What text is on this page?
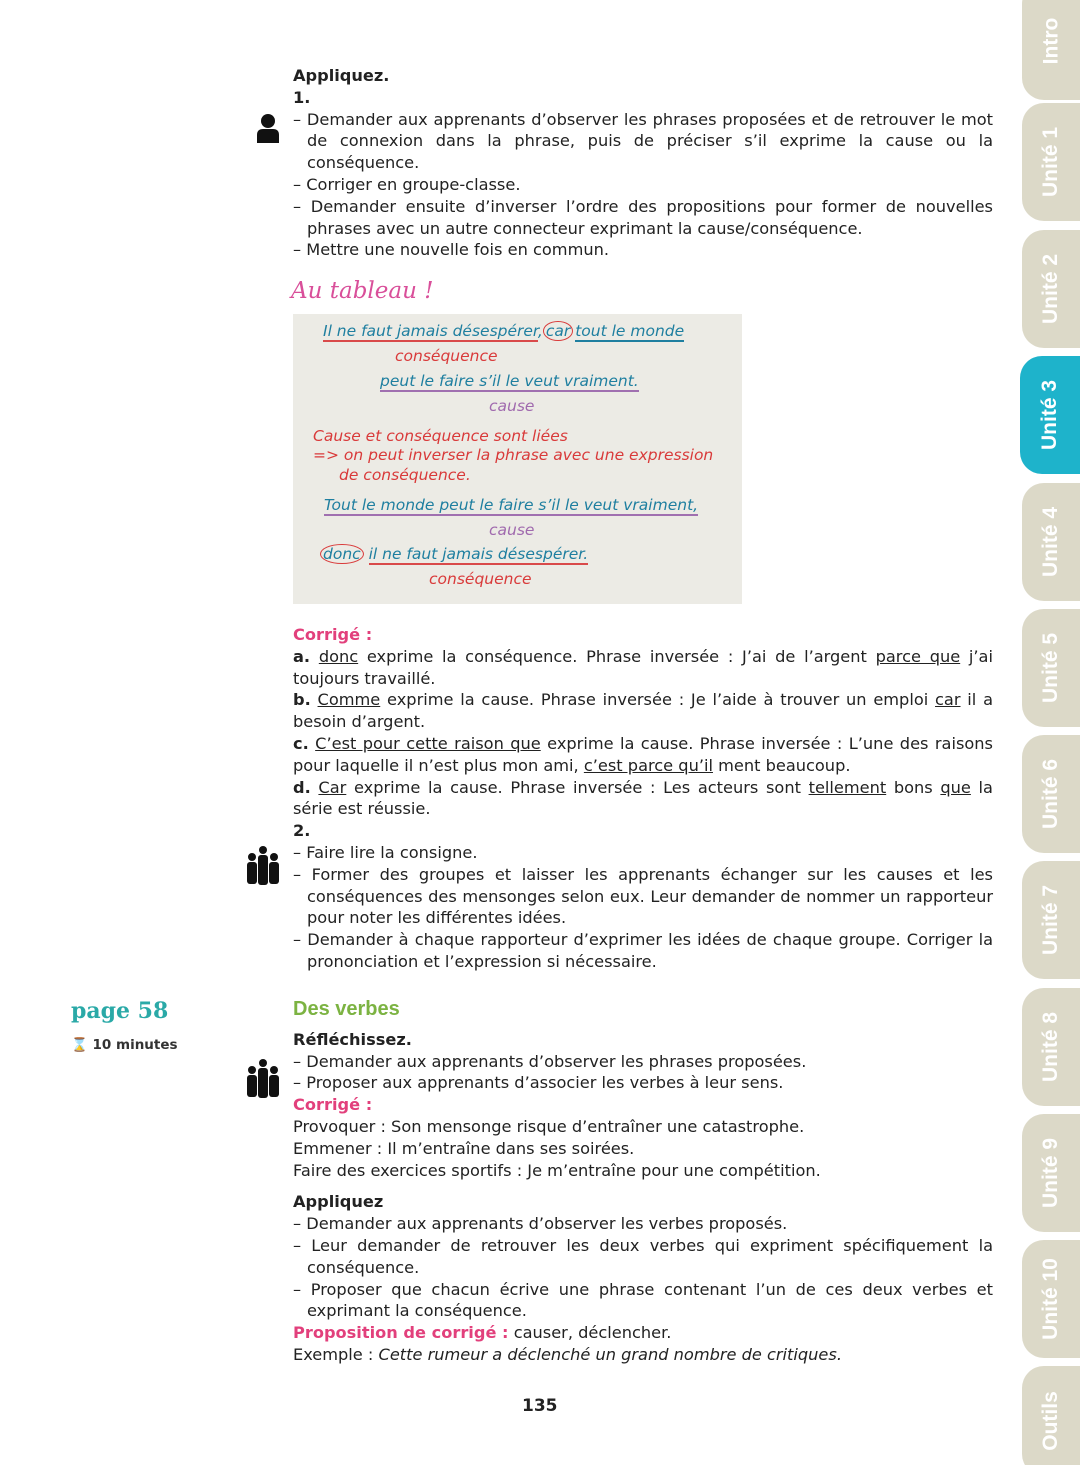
Appliquez.

1.

– Demander aux apprenants d’observer les phrases proposées et de retrouver le mot de connexion dans la phrase, puis de préciser s’il exprime la cause ou la conséquence.

– Corriger en groupe-classe.

– Demander ensuite d’inverser l’ordre des propositions pour former de nouvelles phrases avec un autre connecteur exprimant la cause/conséquence.

– Mettre une nouvelle fois en commun.

Au tableau !
Il ne faut jamais désespérer, car tout le monde
conséquence
peut le faire s’il le veut vraiment.
cause
Cause et conséquence sont liées
=> on peut inverser la phrase avec une expression
de conséquence.
Tout le monde peut le faire s’il le veut vraiment,
cause
donc il ne faut jamais désespérer.
conséquence

Corrigé :

a. donc exprime la conséquence. Phrase inversée : J’ai de l’argent parce que j’ai toujours travaillé.

b. Comme exprime la cause. Phrase inversée : Je l’aide à trouver un emploi car il a besoin d’argent.

c. C’est pour cette raison que exprime la cause. Phrase inversée : L’une des raisons pour laquelle il n’est plus mon ami, c’est parce qu’il ment beaucoup.

d. Car exprime la cause. Phrase inversée : Les acteurs sont tellement bons que la série est réussie.

2.

– Faire lire la consigne.

– Former des groupes et laisser les apprenants échanger sur les causes et les conséquences des mensonges selon eux. Leur demander de nommer un rapporteur pour noter les différentes idées.

– Demander à chaque rapporteur d’exprimer les idées de chaque groupe. Corriger la prononciation et l’expression si nécessaire.

page 58
⌛ 10 minutes

Des verbes

Réfléchissez.

– Demander aux apprenants d’observer les phrases proposées.

– Proposer aux apprenants d’associer les verbes à leur sens.

Corrigé :

Provoquer : Son mensonge risque d’entraîner une catastrophe.

Emmener : Il m’entraîne dans ses soirées.

Faire des exercices sportifs : Je m’entraîne pour une compétition.

Appliquez

– Demander aux apprenants d’observer les verbes proposés.

– Leur demander de retrouver les deux verbes qui expriment spécifiquement la conséquence.

– Proposer que chacun écrive une phrase contenant l’un de ces deux verbes et exprimant la conséquence.

Proposition de corrigé : causer, déclencher.

Exemple : Cette rumeur a déclenché un grand nombre de critiques.

135
Intro
Unité 1
Unité 2
Unité 3
Unité 4
Unité 5
Unité 6
Unité 7
Unité 8
Unité 9
Unité 10
Outils
